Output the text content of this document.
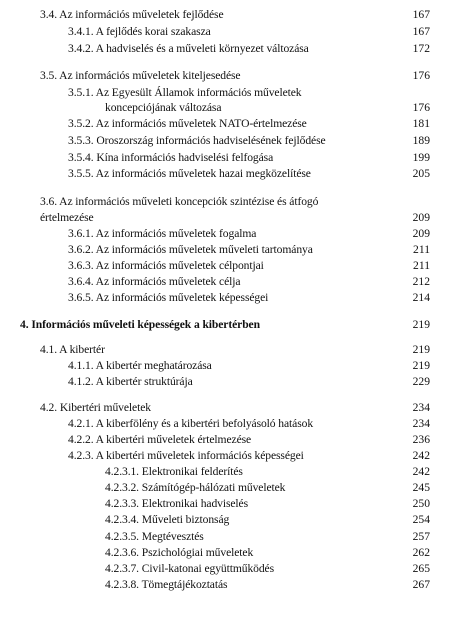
3.4. Az információs műveletek fejlődése	167
3.4.1. A fejlődés korai szakasza	167
3.4.2. A hadviselés és a műveleti környezet változása	172
3.5. Az információs műveletek kiteljesedése	176
3.5.1. Az Egyesült Államok információs műveletek
koncepciójának változása	176
3.5.2. Az információs műveletek NATO-értelmezése	181
3.5.3. Oroszország információs hadviselésének fejlődése	189
3.5.4. Kína információs hadviselési felfogása	199
3.5.5. Az információs műveletek hazai megközelítése	205
3.6. Az információs műveleti koncepciók szintézise és átfogó
értelmezése	209
3.6.1. Az információs műveletek fogalma	209
3.6.2. Az információs műveletek műveleti tartománya	211
3.6.3. Az információs műveletek célpontjai	211
3.6.4. Az információs műveletek célja	212
3.6.5. Az információs műveletek képességei	214
4. Információs műveleti képességek a kibertérben	219
4.1. A kibertér	219
4.1.1. A kibertér meghatározása	219
4.1.2. A kibertér struktúrája	229
4.2. Kibertéri műveletek	234
4.2.1. A kiberfölény és a kibertéri befolyásoló hatások	234
4.2.2. A kibertéri műveletek értelmezése	236
4.2.3. A kibertéri műveletek információs képességei	242
4.2.3.1. Elektronikai felderítés	242
4.2.3.2. Számítógép-hálózati műveletek	245
4.2.3.3. Elektronikai hadviselés	250
4.2.3.4. Műveleti biztonság	254
4.2.3.5. Megtévesztés	257
4.2.3.6. Pszichológiai műveletek	262
4.2.3.7. Civil-katonai együttműködés	265
4.2.3.8. Tömegtájékoztatás	267
